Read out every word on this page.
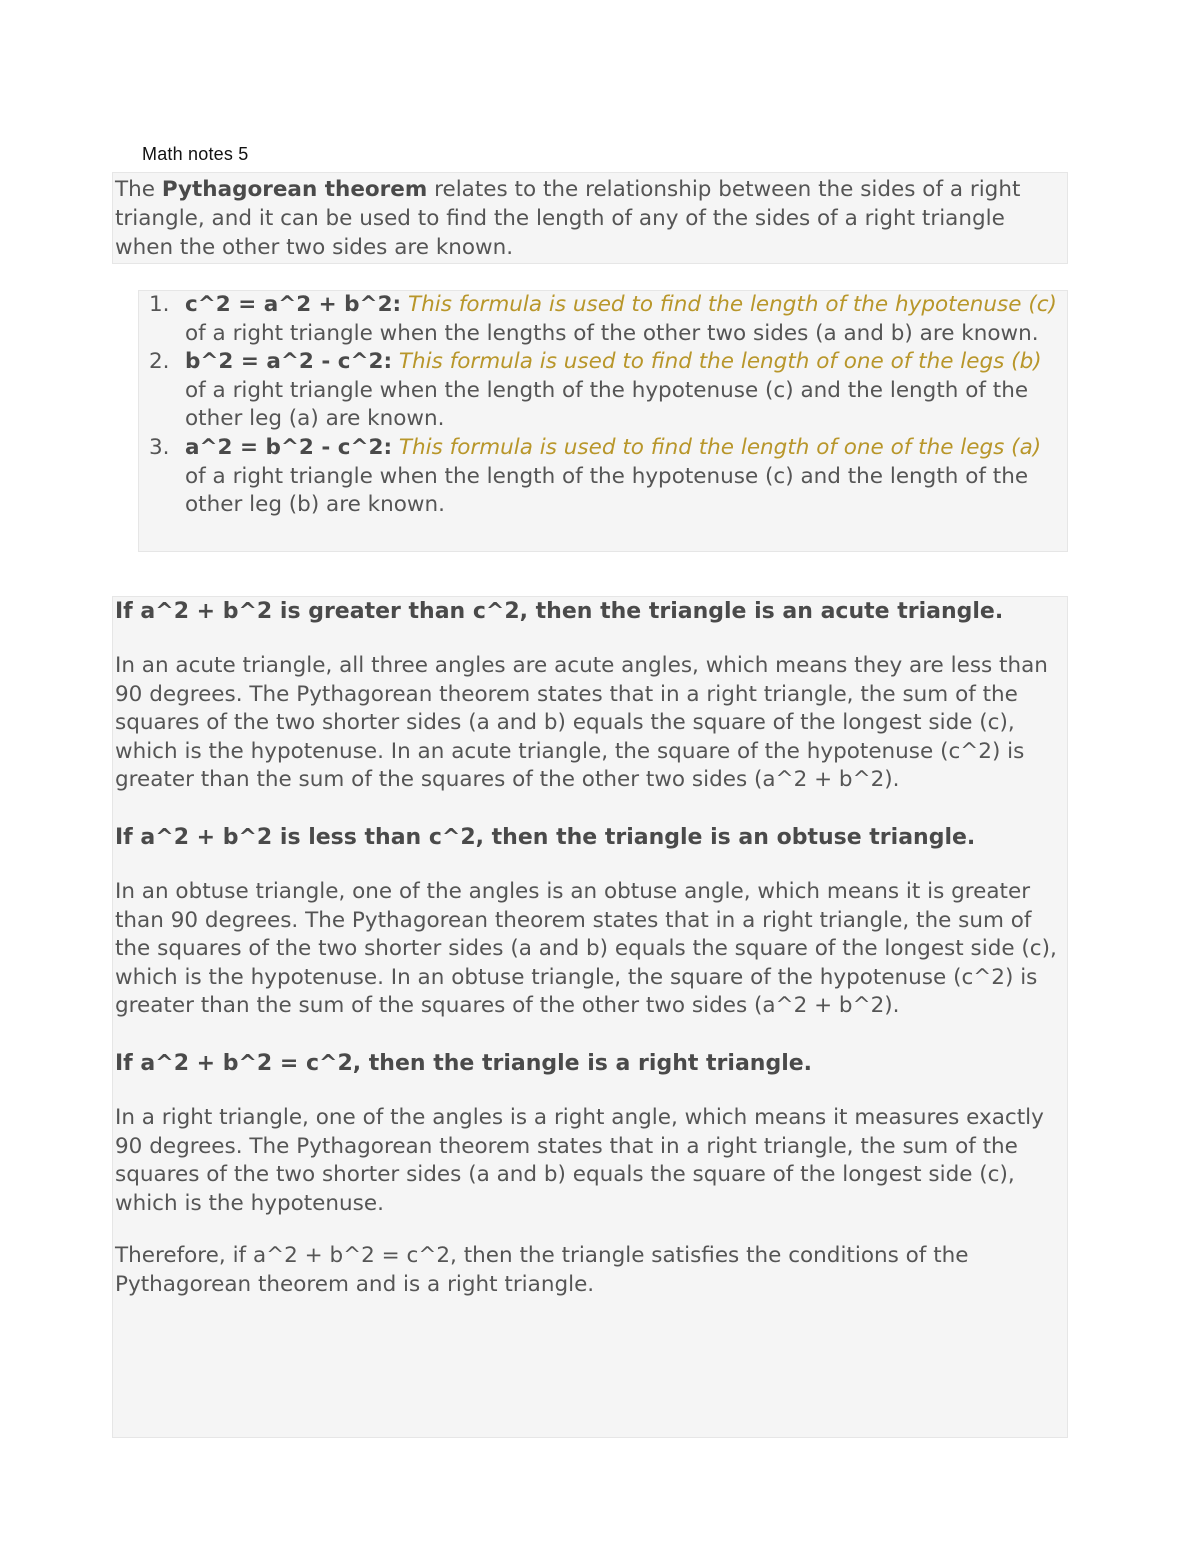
Math notes 5
The Pythagorean theorem relates to the relationship between the sides of a right triangle, and it can be used to find the length of any of the sides of a right triangle when the other two sides are known.
1. c^2 = a^2 + b^2: This formula is used to find the length of the hypotenuse (c) of a right triangle when the lengths of the other two sides (a and b) are known.
2. b^2 = a^2 - c^2: This formula is used to find the length of one of the legs (b) of a right triangle when the length of the hypotenuse (c) and the length of the other leg (a) are known.
3. a^2 = b^2 - c^2: This formula is used to find the length of one of the legs (a) of a right triangle when the length of the hypotenuse (c) and the length of the other leg (b) are known.
If a^2 + b^2 is greater than c^2, then the triangle is an acute triangle.

In an acute triangle, all three angles are acute angles, which means they are less than 90 degrees. The Pythagorean theorem states that in a right triangle, the sum of the squares of the two shorter sides (a and b) equals the square of the longest side (c), which is the hypotenuse. In an acute triangle, the square of the hypotenuse (c^2) is greater than the sum of the squares of the other two sides (a^2 + b^2).

If a^2 + b^2 is less than c^2, then the triangle is an obtuse triangle.

In an obtuse triangle, one of the angles is an obtuse angle, which means it is greater than 90 degrees. The Pythagorean theorem states that in a right triangle, the sum of the squares of the two shorter sides (a and b) equals the square of the longest side (c), which is the hypotenuse. In an obtuse triangle, the square of the hypotenuse (c^2) is greater than the sum of the squares of the other two sides (a^2 + b^2).

If a^2 + b^2 = c^2, then the triangle is a right triangle.

In a right triangle, one of the angles is a right angle, which means it measures exactly 90 degrees. The Pythagorean theorem states that in a right triangle, the sum of the squares of the two shorter sides (a and b) equals the square of the longest side (c), which is the hypotenuse.

Therefore, if a^2 + b^2 = c^2, then the triangle satisfies the conditions of the Pythagorean theorem and is a right triangle.
